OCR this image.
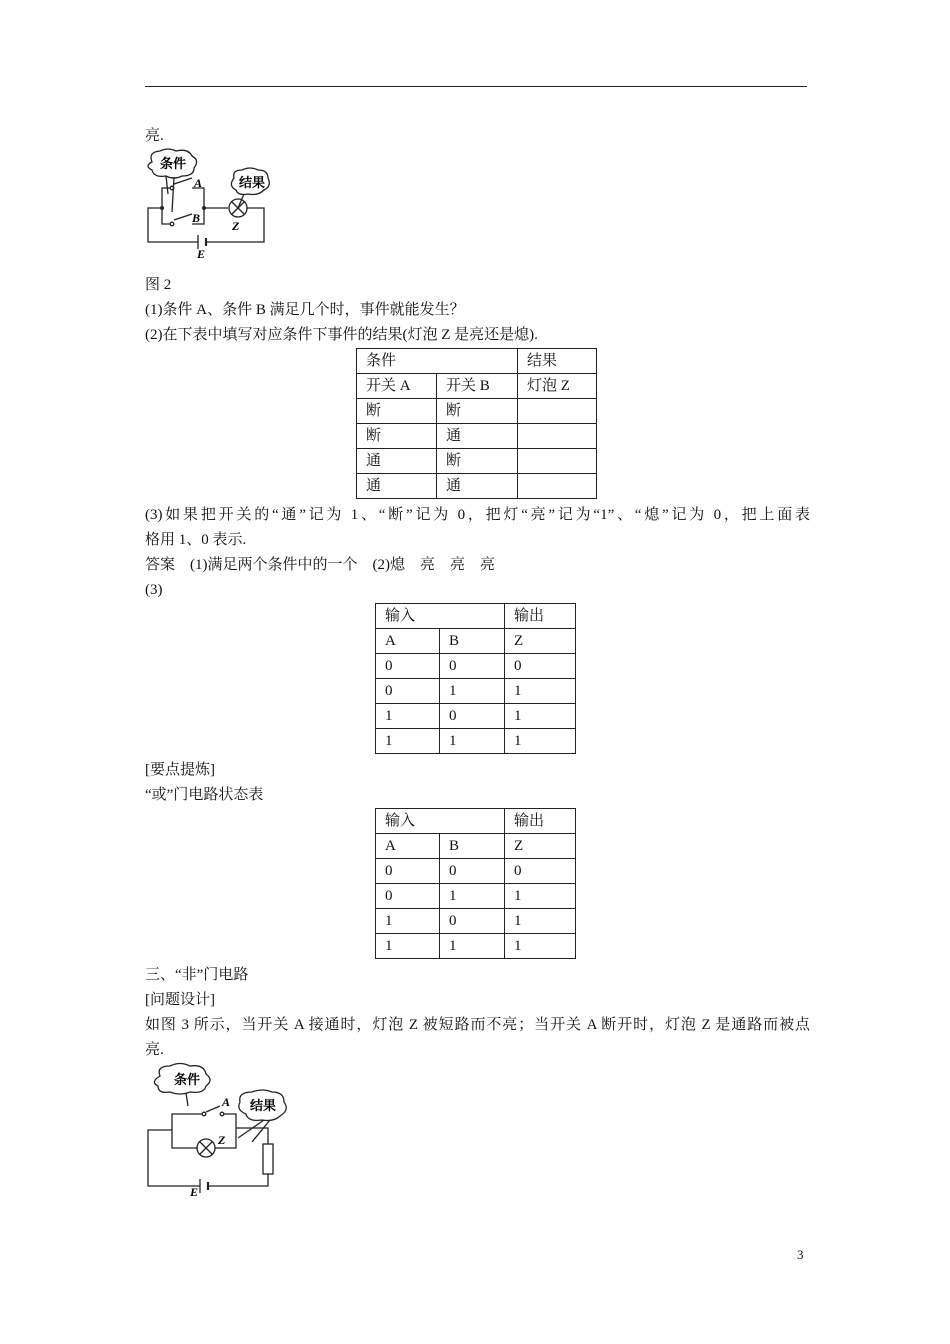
亮.
条件
结果
A
B
Z
E
图 2
(1)条件 A、条件 B 满足几个时，事件就能发生？
(2)在下表中填写对应条件下事件的结果(灯泡 Z 是亮还是熄).
条件		结果
开关 A	开关 B	灯泡 Z
断	断	
断	通	
通	断	
通	通	
(3)如果把开关的“通”记为 1、“断”记为 0，把灯“亮”记为“1”、“熄”记为 0，把上面表
格用 1、0 表示.
答案　(1)满足两个条件中的一个　(2)熄　亮　亮　亮
(3)
输入		输出
A	B	Z
0	0	0
0	1	1
1	0	1
1	1	1
[要点提炼]
“或”门电路状态表
输入		输出
A	B	Z
0	0	0
0	1	1
1	0	1
1	1	1
三、“非”门电路
[问题设计]
如图 3 所示，当开关 A 接通时，灯泡 Z 被短路而不亮；当开关 A 断开时，灯泡 Z 是通路而被点
亮.
条件
结果
A
Z
E
3
